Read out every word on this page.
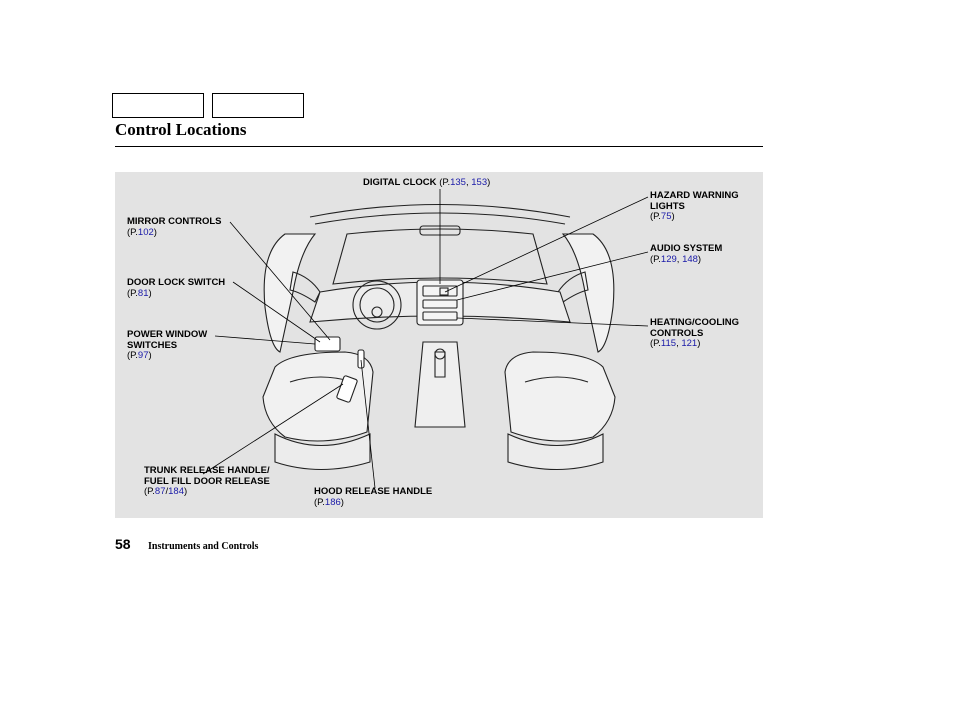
Control Locations
DIGITAL CLOCK (P.135, 153)
HAZARD WARNING
LIGHTS
(P.75)
MIRROR CONTROLS
(P.102)
AUDIO SYSTEM
(P.129, 148)
DOOR LOCK SWITCH
(P.81)
HEATING/COOLING
CONTROLS
(P.115, 121)
POWER WINDOW
SWITCHES
(P.97)
TRUNK RELEASE HANDLE/
FUEL FILL DOOR RELEASE
(P.87/184)	HOOD RELEASE HANDLE
(P.186)
58 Instruments and Controls
